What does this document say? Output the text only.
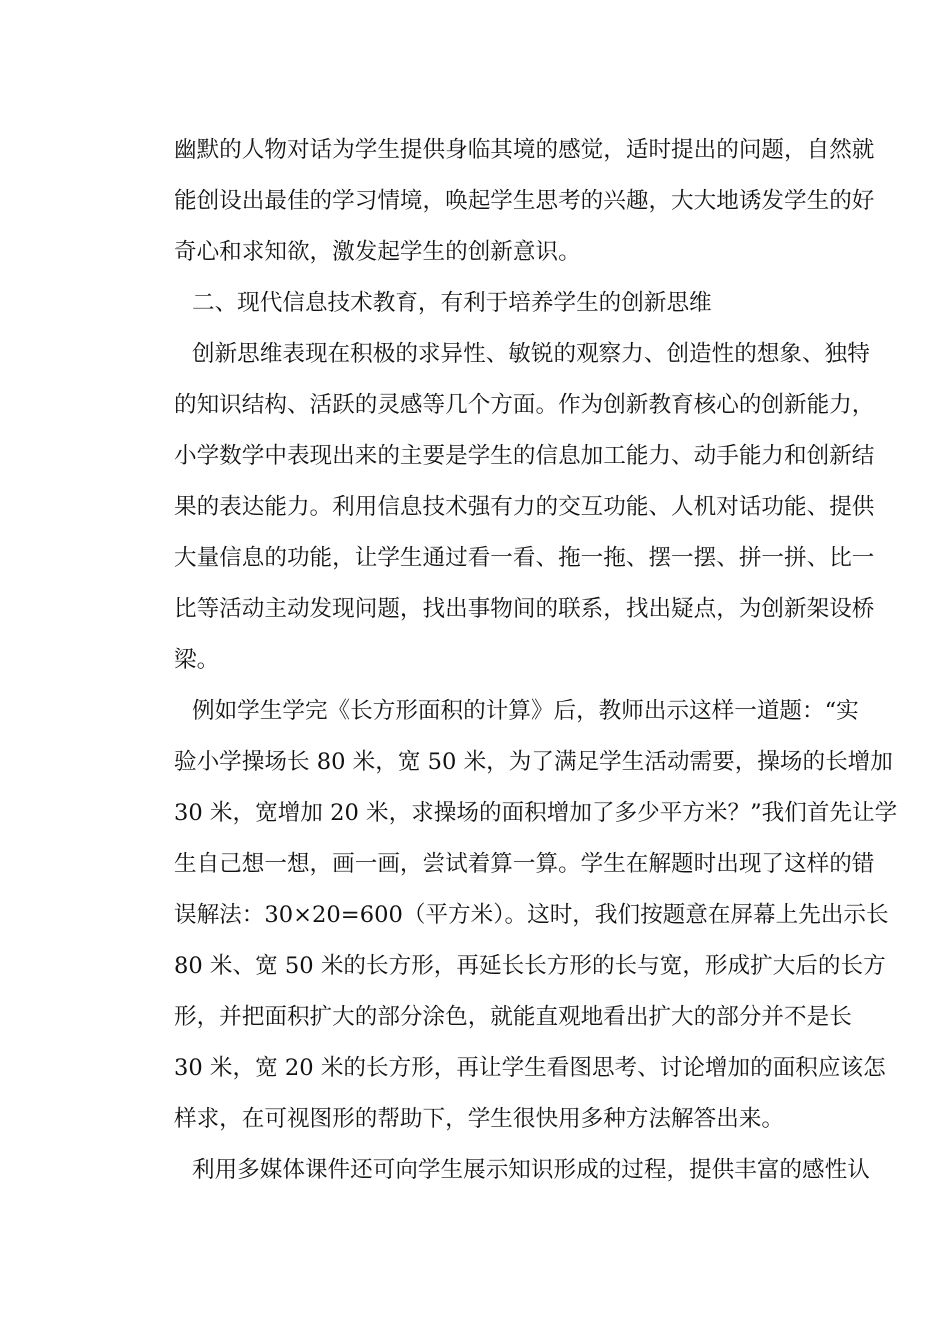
幽默的人物对话为学生提供身临其境的感觉，适时提出的问题，自然就
能创设出最佳的学习情境，唤起学生思考的兴趣，大大地诱发学生的好
奇心和求知欲，激发起学生的创新意识。
二、现代信息技术教育，有利于培养学生的创新思维
创新思维表现在积极的求异性、敏锐的观察力、创造性的想象、独特
的知识结构、活跃的灵感等几个方面。作为创新教育核心的创新能力，
小学数学中表现出来的主要是学生的信息加工能力、动手能力和创新结
果的表达能力。利用信息技术强有力的交互功能、人机对话功能、提供
大量信息的功能，让学生通过看一看、拖一拖、摆一摆、拼一拼、比一
比等活动主动发现问题，找出事物间的联系，找出疑点，为创新架设桥
梁。
例如学生学完《长方形面积的计算》后，教师出示这样一道题：“实
验小学操场长 80 米，宽 50 米，为了满足学生活动需要，操场的长增加
30 米，宽增加 20 米，求操场的面积增加了多少平方米？”我们首先让学
生自己想一想，画一画，尝试着算一算。学生在解题时出现了这样的错
误解法：30×20=600（平方米）。这时，我们按题意在屏幕上先出示长
80 米、宽 50 米的长方形，再延长长方形的长与宽，形成扩大后的长方
形，并把面积扩大的部分涂色，就能直观地看出扩大的部分并不是长
30 米，宽 20 米的长方形，再让学生看图思考、讨论增加的面积应该怎
样求，在可视图形的帮助下，学生很快用多种方法解答出来。
利用多媒体课件还可向学生展示知识形成的过程，提供丰富的感性认
